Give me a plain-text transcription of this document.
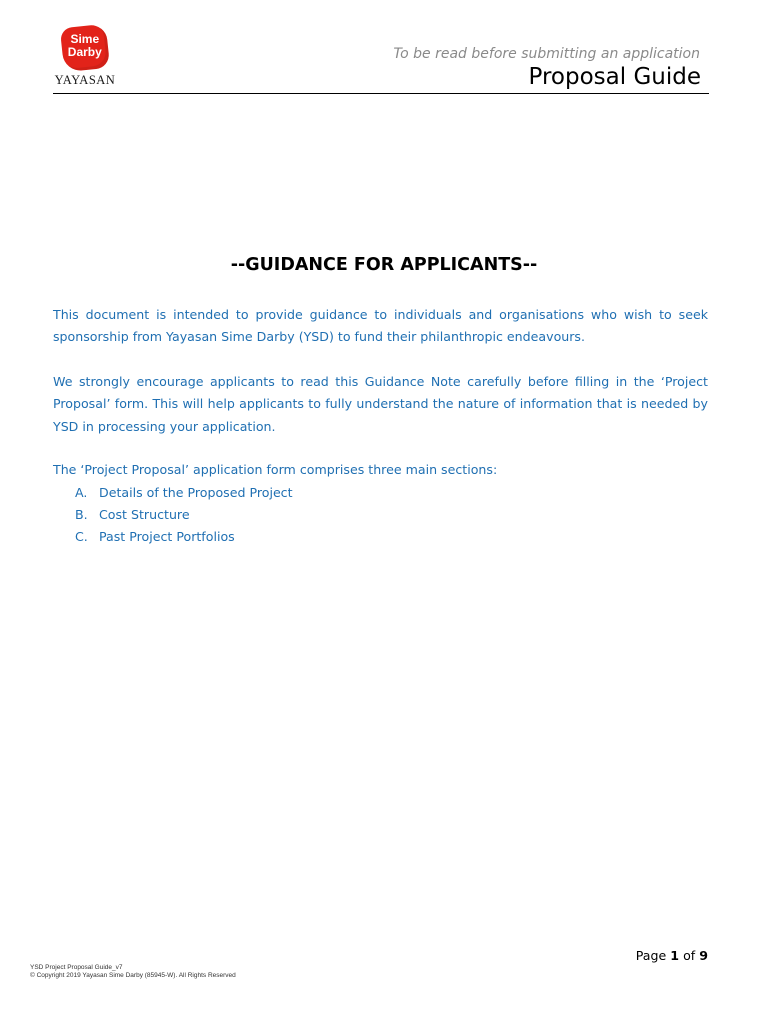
Sime
Darby
YAYASAN
To be read before submitting an application
Proposal Guide
--GUIDANCE FOR APPLICANTS--

This document is intended to provide guidance to individuals and organisations who wish to seek sponsorship from Yayasan Sime Darby (YSD) to fund their philanthropic endeavours.

We strongly encourage applicants to read this Guidance Note carefully before filling in the ‘Project Proposal’ form. This will help applicants to fully understand the nature of information that is needed by YSD in processing your application.

The ‘Project Proposal’ application form comprises three main sections:

A. Details of the Proposed Project
B. Cost Structure
C. Past Project Portfolios
Page 1 of 9
YSD Project Proposal Guide_v7
© Copyright 2019 Yayasan Sime Darby (85945-W). All Rights Reserved
